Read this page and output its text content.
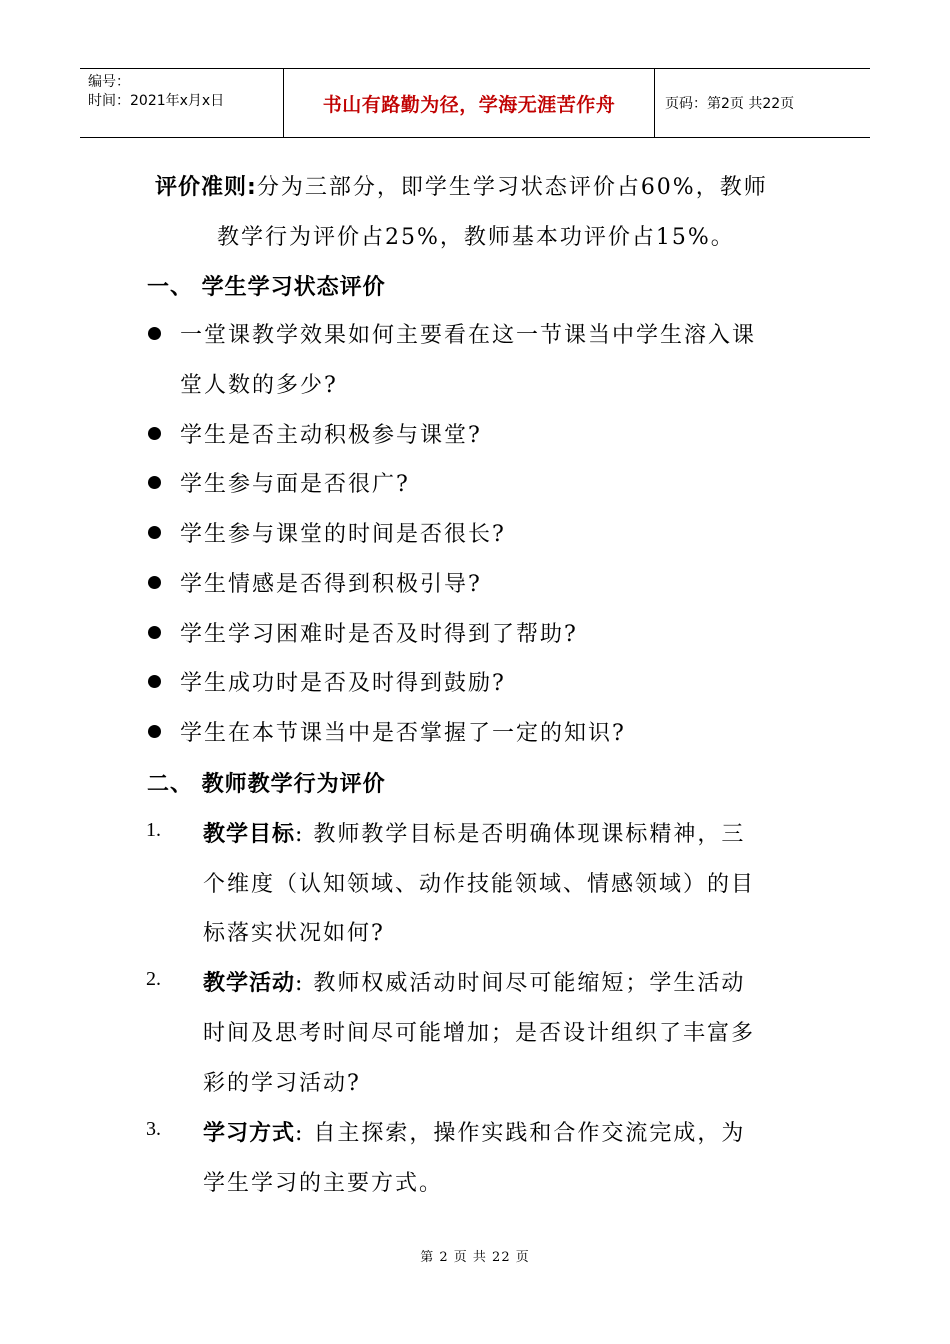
编号：
时间：2021年x月x日	书山有路勤为径，学海无涯苦作舟	页码：第2页 共22页
评价准则:分为三部分，即学生学习状态评价占60%，教师
教学行为评价占25%，教师基本功评价占15%。
一、 学生学习状态评价
一堂课教学效果如何主要看在这一节课当中学生溶入课
堂人数的多少?
学生是否主动积极参与课堂?
学生参与面是否很广?
学生参与课堂的时间是否很长?
学生情感是否得到积极引导?
学生学习困难时是否及时得到了帮助?
学生成功时是否及时得到鼓励?
学生在本节课当中是否掌握了一定的知识?
二、 教师教学行为评价
1. 教学目标: 教师教学目标是否明确体现课标精神，三
个维度（认知领域、动作技能领域、情感领域）的目
标落实状况如何?
2. 教学活动: 教师权威活动时间尽可能缩短；学生活动
时间及思考时间尽可能增加；是否设计组织了丰富多
彩的学习活动?
3. 学习方式: 自主探索，操作实践和合作交流完成，为
学生学习的主要方式。
第 2 页 共 22 页
